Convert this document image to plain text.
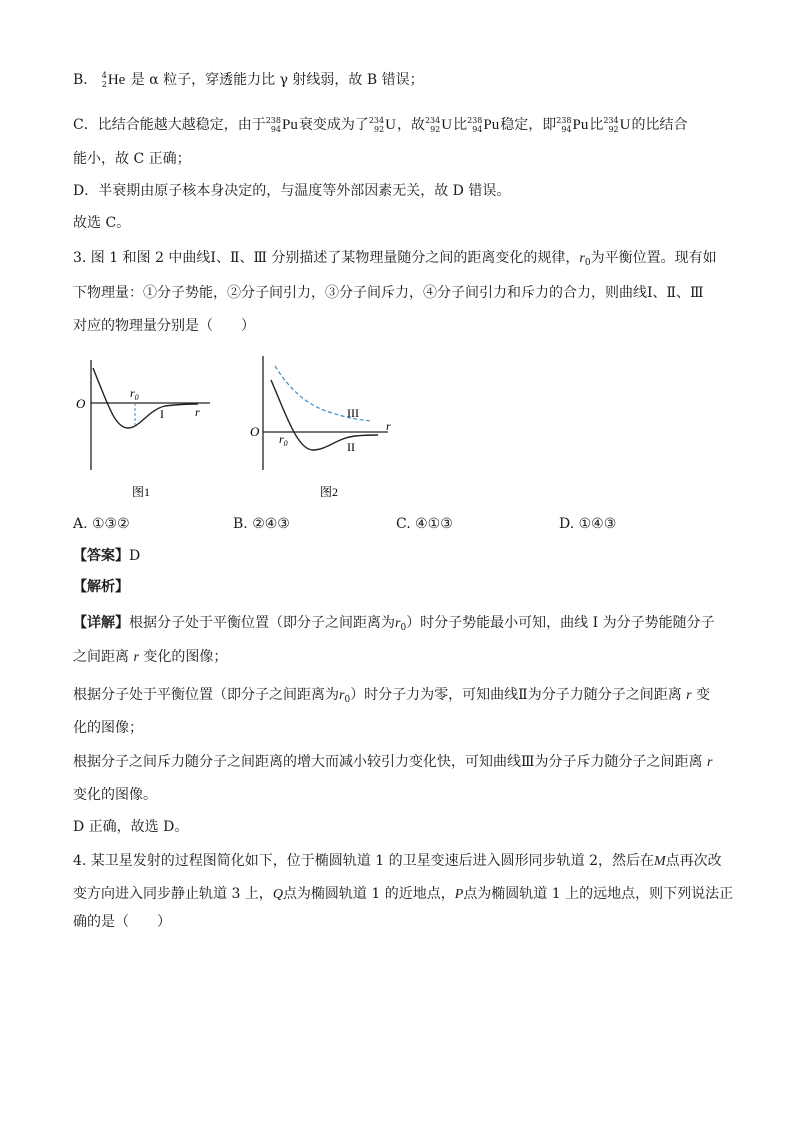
B． 4
2 He 是 α 粒子，穿透能力比 γ 射线弱，故 B 错误；
C．比结合能越大越稳定，由于 238
94 Pu衰变成为了 234
92 U，故 234
92 U比 238
94 Pu稳定，即 238
94 Pu比 234
92 U的比结合
能小，故 C 正确；
D．半衰期由原子核本身决定的，与温度等外部因素无关，故 D 错误。
故选 C。
3. 图 1 和图 2 中曲线Ⅰ、Ⅱ、Ⅲ 分别描述了某物理量随分之间的距离变化的规律，$r_0$为平衡位置。现有如
下物理量：①分子势能，②分子间引力，③分子间斥力，④分子间引力和斥力的合力，则曲线Ⅰ、Ⅱ、Ⅲ
对应的物理量分别是（　　）
O
r
$r_0$
I
图1
O	r
$r_0$
III
II
图2
A. ①③②	B. ②④③	C. ④①③	D. ①④③
【答案】D
【解析】
【详解】根据分子处于平衡位置（即分子之间距离为$r_0$）时分子势能最小可知，曲线 I 为分子势能随分子
之间距离 r 变化的图像；
根据分子处于平衡位置（即分子之间距离为$r_0$）时分子力为零，可知曲线Ⅱ为分子力随分子之间距离 r 变
化的图像；
根据分子之间斥力随分子之间距离的增大而减小较引力变化快，可知曲线Ⅲ为分子斥力随分子之间距离 r
变化的图像。
D 正确，故选 D。
4. 某卫星发射的过程图简化如下，位于椭圆轨道 1 的卫星变速后进入圆形同步轨道 2，然后在M点再次改
变方向进入同步静止轨道 3 上，Q点为椭圆轨道 1 的近地点，P点为椭圆轨道 1 上的远地点，则下列说法正
确的是（　　）
